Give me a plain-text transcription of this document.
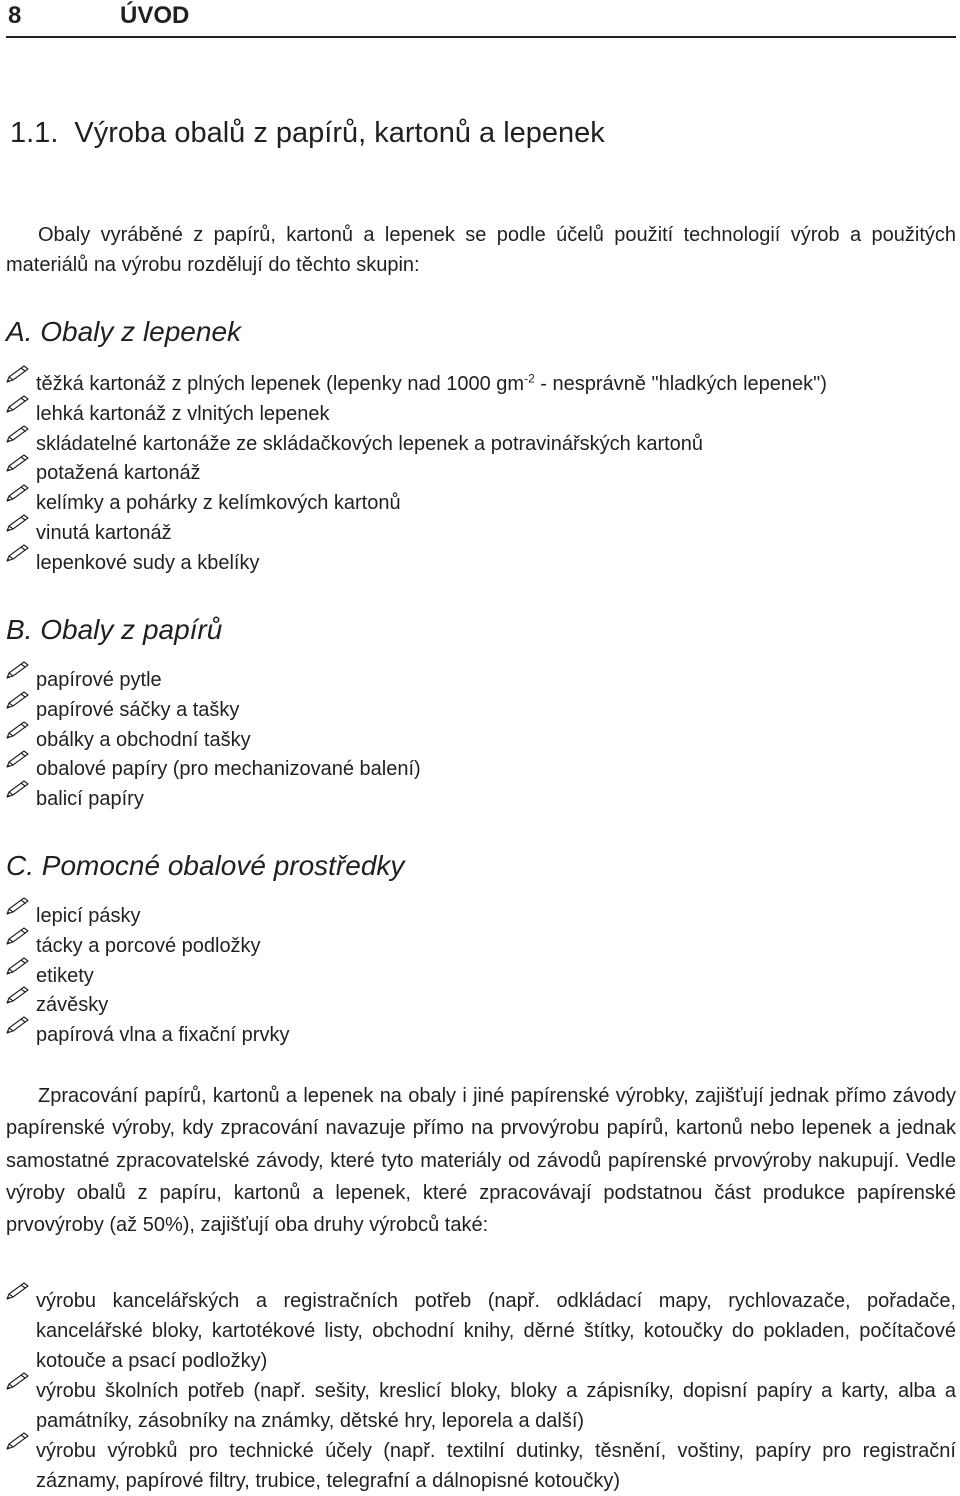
8	ÚVOD
1.1. Výroba obalů z papírů, kartonů a lepenek
Obaly vyráběné z papírů, kartonů a lepenek se podle účelů použití technologií výrob a použitých materiálů na výrobu rozdělují do těchto skupin:
A. Obaly z lepenek
těžká kartonáž z plných lepenek (lepenky nad 1000 $gm^{-2}$ - nesprávně "hladkých lepenek")
lehká kartonáž z vlnitých lepenek
skládatelné kartonáže ze skládačkových lepenek a potravinářských kartonů
potažená kartonáž
kelímky a pohárky z kelímkových kartonů
vinutá kartonáž
lepenkové sudy a kbelíky
B. Obaly z papírů
papírové pytle
papírové sáčky a tašky
obálky a obchodní tašky
obalové papíry (pro mechanizované balení)
balicí papíry
C. Pomocné obalové prostředky
lepicí pásky
tácky a porcové podložky
etikety
závěsky
papírová vlna a fixační prvky

Zpracování papírů, kartonů a lepenek na obaly i jiné papírenské výrobky, zajišťují jednak přímo závody papírenské výroby, kdy zpracování navazuje přímo na prvovýrobu papírů, kartonů nebo lepenek a jednak samostatné zpracovatelské závody, které tyto materiály od závodů papírenské prvovýroby nakupují. Vedle výroby obalů z papíru, kartonů a lepenek, které zpracovávají podstatnou část produkce papírenské prvovýroby (až 50%), zajišťují oba druhy výrobců také:

výrobu kancelářských a registračních potřeb (např. odkládací mapy, rychlovazače, pořadače, kancelářské bloky, kartotékové listy, obchodní knihy, děrné štítky, kotoučky do pokladen, počítačové kotouče a psací podložky)
výrobu školních potřeb (např. sešity, kreslicí bloky, bloky a zápisníky, dopisní papíry a karty, alba a památníky, zásobníky na známky, dětské hry, leporela a další)
výrobu výrobků pro technické účely (např. textilní dutinky, těsnění, voštiny, papíry pro registrační záznamy, papírové filtry, trubice, telegrafní a dálnopisné kotoučky)
